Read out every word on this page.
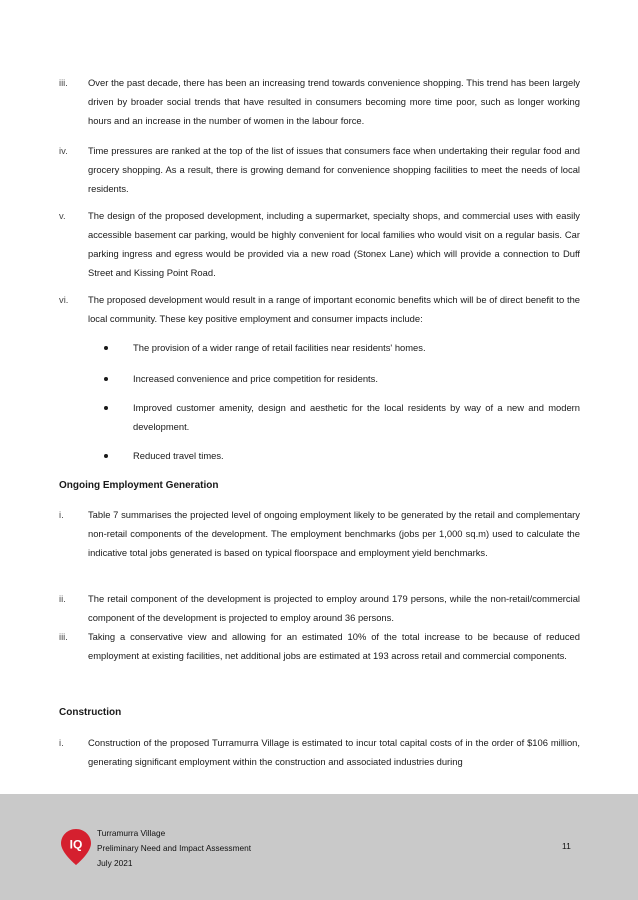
iii. Over the past decade, there has been an increasing trend towards convenience shopping. This trend has been largely driven by broader social trends that have resulted in consumers becoming more time poor, such as longer working hours and an increase in the number of women in the labour force.
iv. Time pressures are ranked at the top of the list of issues that consumers face when undertaking their regular food and grocery shopping. As a result, there is growing demand for convenience shopping facilities to meet the needs of local residents.
v. The design of the proposed development, including a supermarket, specialty shops, and commercial uses with easily accessible basement car parking, would be highly convenient for local families who would visit on a regular basis. Car parking ingress and egress would be provided via a new road (Stonex Lane) which will provide a connection to Duff Street and Kissing Point Road.
vi. The proposed development would result in a range of important economic benefits which will be of direct benefit to the local community. These key positive employment and consumer impacts include:
The provision of a wider range of retail facilities near residents' homes.
Increased convenience and price competition for residents.
Improved customer amenity, design and aesthetic for the local residents by way of a new and modern development.
Reduced travel times.
Ongoing Employment Generation
i.	Table 7 summarises the projected level of ongoing employment likely to be generated by the retail and complementary non-retail components of the development. The employment benchmarks (jobs per 1,000 sq.m) used to calculate the indicative total jobs generated is based on typical floorspace and employment yield benchmarks.
ii. The retail component of the development is projected to employ around 179 persons, while the non-retail/commercial component of the development is projected to employ around 36 persons.
iii. Taking a conservative view and allowing for an estimated 10% of the total increase to be because of reduced employment at existing facilities, net additional jobs are estimated at 193 across retail and commercial components.
Construction
i.	Construction of the proposed Turramurra Village is estimated to incur total capital costs of in the order of $106 million, generating significant employment within the construction and associated industries during
IQ
Turramurra Village
Preliminary Need and Impact Assessment
July 2021
11
